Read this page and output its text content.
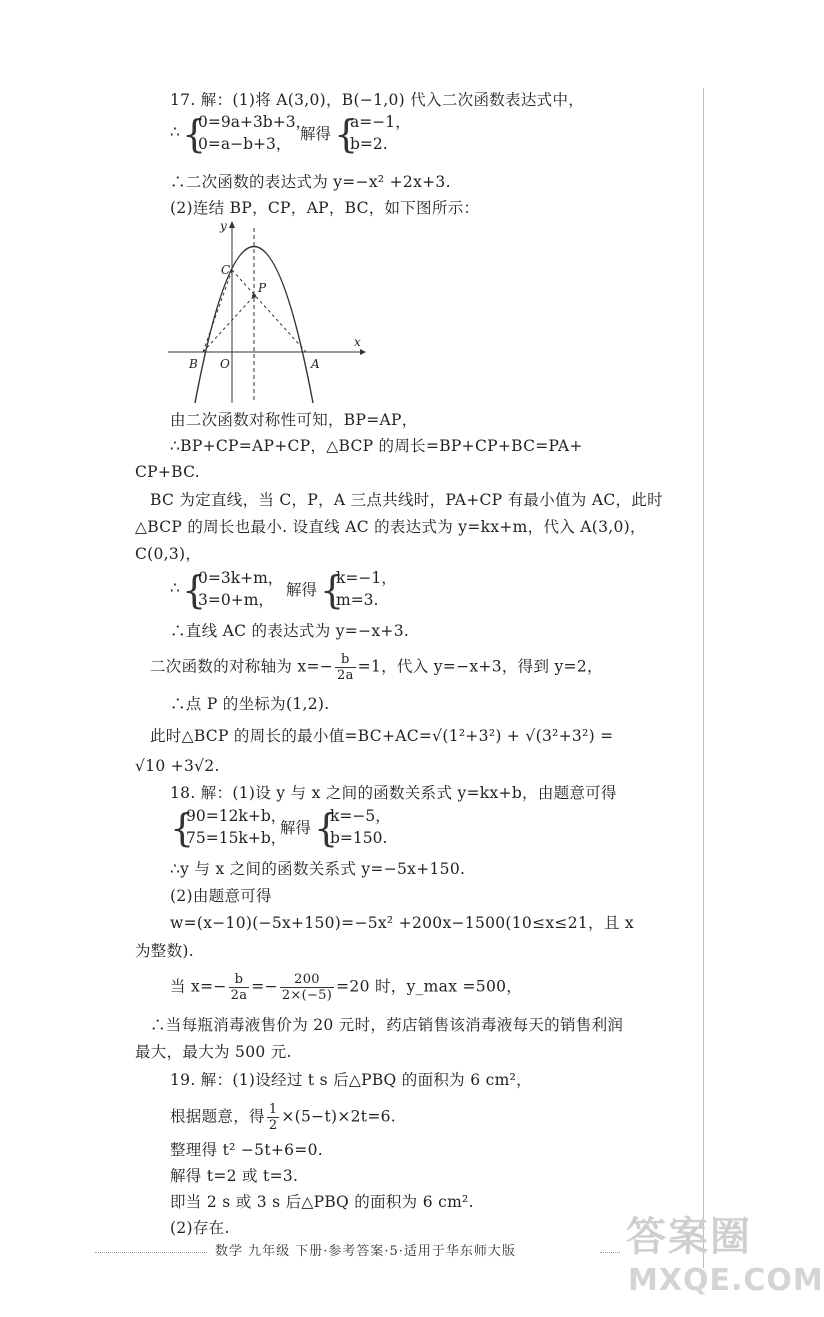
17. 解：(1)将 A(3,0)，B(−1,0) 代入二次函数表达式中，
∴ {
0=9a+3b+3，
0=a−b+3，
解得 {
a=−1，
b=2.
∴二次函数的表达式为 y=−x² +2x+3.
(2)连结 BP，CP，AP，BC，如下图所示：
y
x
C
P
B O	A
由二次函数对称性可知，BP=AP，
∴BP+CP=AP+CP，△BCP 的周长=BP+CP+BC=PA+
CP+BC.
BC 为定直线，当 C，P，A 三点共线时，PA+CP 有最小值为 AC，此时
△BCP 的周长也最小. 设直线 AC 的表达式为 y=kx+m，代入 A(3,0)，
C(0,3)，
∴ {
0=3k+m，
3=0+m，
解得 {
k=−1，
m=3.
∴直线 AC 的表达式为 y=−x+3.
二次函数的对称轴为 $x=- \frac{b}{2a} =1$，代入 y=−x+3，得到 y=2，
∴点 P 的坐标为(1,2).
此时△BCP 的周长的最小值=BC+AC=√(1²+3²) + √(3²+3²) =
√10 +3√2.
18. 解：(1)设 y 与 x 之间的函数关系式 y=kx+b，由题意可得
{
90=12k+b，
75=15k+b，
解得 {
k=−5，
b=150.
∴y 与 x 之间的函数关系式 y=−5x+150.
(2)由题意可得
w=(x−10)(−5x+150)=−5x² +200x−1500(10≤x≤21，且 x
为整数).
当 $x=- \frac{b}{2a} =- \frac{200}{2\times(-5)} =20$ 时，y_max =500，
∴当每瓶消毒液售价为 20 元时，药店销售该消毒液每天的销售利润
最大，最大为 500 元.
19. 解：(1)设经过 t s 后△PBQ 的面积为 6 cm²，
根据题意，得 $\frac{1}{2} \times(5-t)\times 2t=6$.
整理得 t² −5t+6=0.
解得 t=2 或 t=3.
即当 2 s 或 3 s 后△PBQ 的面积为 6 cm².
(2)存在.
数学 九年级 下册·参考答案·5·适用于华东师大版	答案圈
MXQE.COM
